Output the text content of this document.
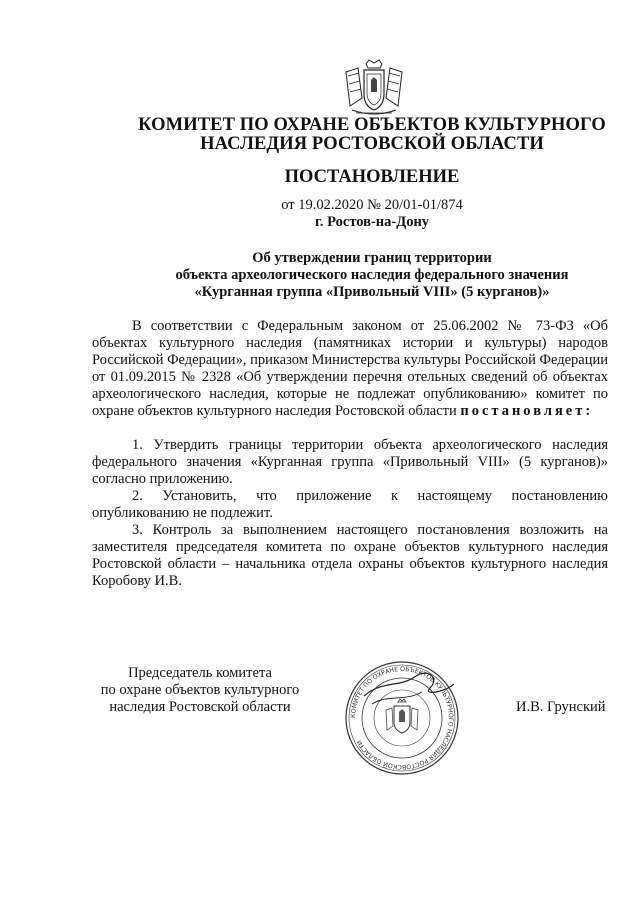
КОМИТЕТ ПО ОХРАНЕ ОБЪЕКТОВ КУЛЬТУРНОГО
НАСЛЕДИЯ РОСТОВСКОЙ ОБЛАСТИ
ПОСТАНОВЛЕНИЕ
от 19.02.2020 № 20/01-01/874
г. Ростов-на-Дону
Об утверждении границ территории
объекта археологического наследия федерального значения
«Курганная группа «Привольный VIII» (5 курганов)»

В соответствии с Федеральным законом от 25.06.2002 № 73-ФЗ «Об объектах культурного наследия (памятниках истории и культуры) народов Российской Федерации», приказом Министерства культуры Российской Федерации от 01.09.2015 № 2328 «Об утверждении перечня отельных сведений об объектах археологического наследия, которые не подлежат опубликованию» комитет по охране объектов культурного наследия Ростовской области постановляет:

1. Утвердить границы территории объекта археологического наследия федерального значения «Курганная группа «Привольный VIII» (5 курганов)» согласно приложению.

2. Установить, что приложение к настоящему постановлению опубликованию не подлежит.

3. Контроль за выполнением настоящего постановления возложить на заместителя председателя комитета по охране объектов культурного наследия Ростовской области – начальника отдела охраны объектов культурного наследия Коробову И.В.

Председатель комитета
по охране объектов культурного
наследия Ростовской области
КОМИТЕТ ПО ОХРАНЕ ОБЪЕКТОВ КУЛЬТУРНОГО НАСЛЕДИЯ РОСТОВСКОЙ ОБЛАСТИ
И.В. Грунский
